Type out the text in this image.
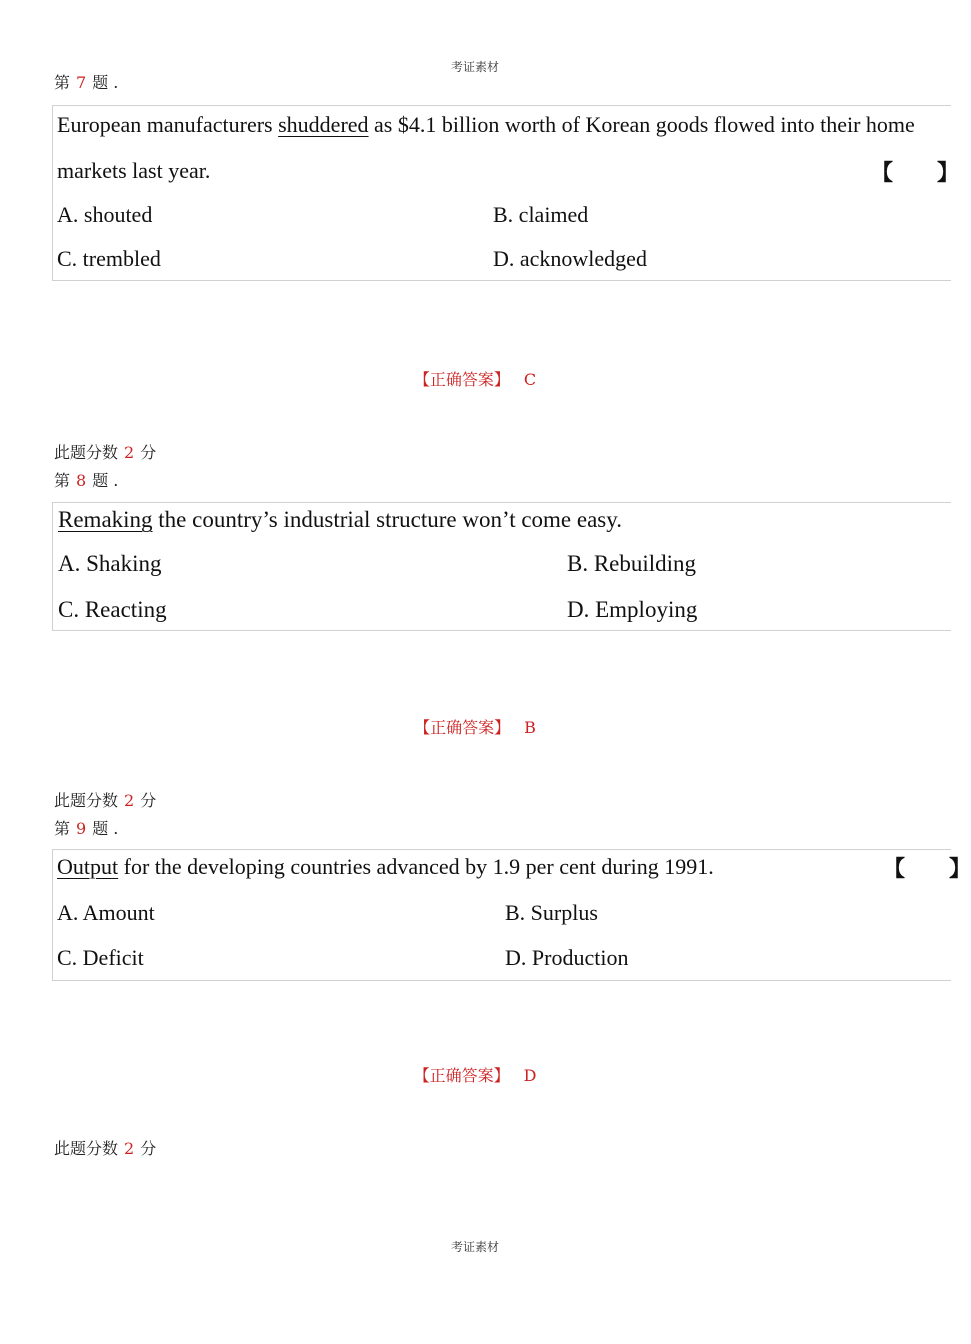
考证素材
第 7 题 .
European manufacturers shuddered as $4.1 billion worth of Korean goods flowed into their home
markets last year.	【　　】
A. shouted	B. claimed
C. trembled	D. acknowledged
【正确答案】 C
此题分数 2 分
第 8 题 .
Remaking the country’s industrial structure won’t come easy.
A. Shaking	B. Rebuilding
C. Reacting	D. Employing
【正确答案】 B
此题分数 2 分
第 9 题 .
Output for the developing countries advanced by 1.9 per cent during 1991.	【　　】
A. Amount	B. Surplus
C. Deficit	D. Production
【正确答案】 D
此题分数 2 分
考证素材
